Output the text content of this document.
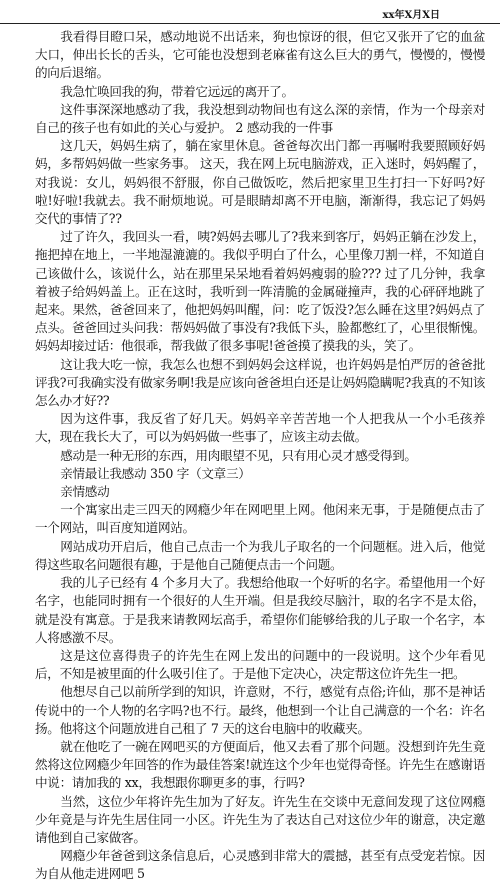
xx年X月X日

我看得目瞪口呆，感动地说不出话来，狗也惊讶的很，但它又张开了它的血盆大口，伸出长长的舌头，它可能也没想到老麻雀有这么巨大的勇气，慢慢的，慢慢的向后退缩。

我急忙唤回我的狗，带着它远远的离开了。

这件事深深地感动了我，我没想到动物间也有这么深的亲情，作为一个母亲对自己的孩子也有如此的关心与爱护。 2 感动我的一件事

这几天，妈妈生病了，躺在家里休息。爸爸每次出门都一再嘱咐我要照顾好妈妈，多帮妈妈做一些家务事。 这天，我在网上玩电脑游戏，正入迷时，妈妈醒了，对我说：女儿，妈妈很不舒服，你自己做饭吃，然后把家里卫生打扫一下好吗?好啦!好啦!我就去。我不耐烦地说。可是眼睛却离不开电脑，渐渐得，我忘记了妈妈交代的事情了??

过了许久，我回头一看，咦?妈妈去哪儿了?我来到客厅，妈妈正躺在沙发上，拖把掉在地上，一半地湿漉漉的。我似乎明白了什么，心里像刀割一样，不知道自己该做什么，该说什么，站在那里呆呆地看着妈妈瘦弱的脸??? 过了几分钟，我拿着被子给妈妈盖上。正在这时，我听到一阵清脆的金属碰撞声，我的心砰砰地跳了起来。果然，爸爸回来了，他把妈妈叫醒，问：吃了饭没?怎么睡在这里?妈妈点了点头。爸爸回过头问我：帮妈妈做了事没有?我低下头，脸都憋红了，心里很惭愧。妈妈却接过话：他很乖，帮我做了很多事呢!爸爸摸了摸我的头，笑了。

这让我大吃一惊，我怎么也想不到妈妈会这样说，也许妈妈是怕严厉的爸爸批评我?可我确实没有做家务啊!我是应该向爸爸坦白还是让妈妈隐瞒呢?我真的不知该怎么办才好??

因为这件事，我反省了好几天。妈妈辛辛苦苦地一个人把我从一个小毛孩养大，现在我长大了，可以为妈妈做一些事了，应该主动去做。

感动是一种无形的东西，用肉眼望不见，只有用心灵才感受得到。

亲情最让我感动 350 字（文章三）

亲情感动

一个寓家出走三四天的网瘾少年在网吧里上网。他闲来无事，于是随便点击了一个网站，叫百度知道网站。

网站成功开启后，他自己点击一个为我儿子取名的一个问题框。进入后，他觉得这些取名问题很有趣，于是他自己随便点击一个问题。

我的儿子已经有 4 个多月大了。我想给他取一个好听的名字。希望他用一个好名字，也能同时拥有一个很好的人生开端。但是我绞尽脑汁，取的名字不是太俗，就是没有寓意。于是我来请教网坛高手，希望你们能够给我的儿子取一个名字，本人将感激不尽。

这是这位喜得贵子的许先生在网上发出的问题中的一段说明。这个少年看见后，不知是被里面的什么吸引住了。于是他下定决心，决定帮这位许先生一把。

他想尽自己以前所学到的知识，许意财，不行，感觉有点俗;许仙，那不是神话传说中的一个人物的名字吗?也不行。最终，他想到一个让自己满意的一个名：许名扬。他将这个问题放进自己租了 7 天的这台电脑中的收藏夹。

就在他吃了一碗在网吧买的方便面后，他又去看了那个问题。没想到许先生竟然将这位网瘾少年回答的作为最佳答案!就连这个少年也觉得奇怪。许先生在感谢语中说：请加我的 xx，我想跟你聊更多的事，行吗?

当然，这位少年将许先生加为了好友。许先生在交谈中无意间发现了这位网瘾少年竟是与许先生居住同一小区。许先生为了表达自己对这位少年的谢意，决定邀请他到自己家做客。

网瘾少年爸爸到这条信息后，心灵感到非常大的震撼，甚至有点受宠若惊。因为自从他走进网吧 5
